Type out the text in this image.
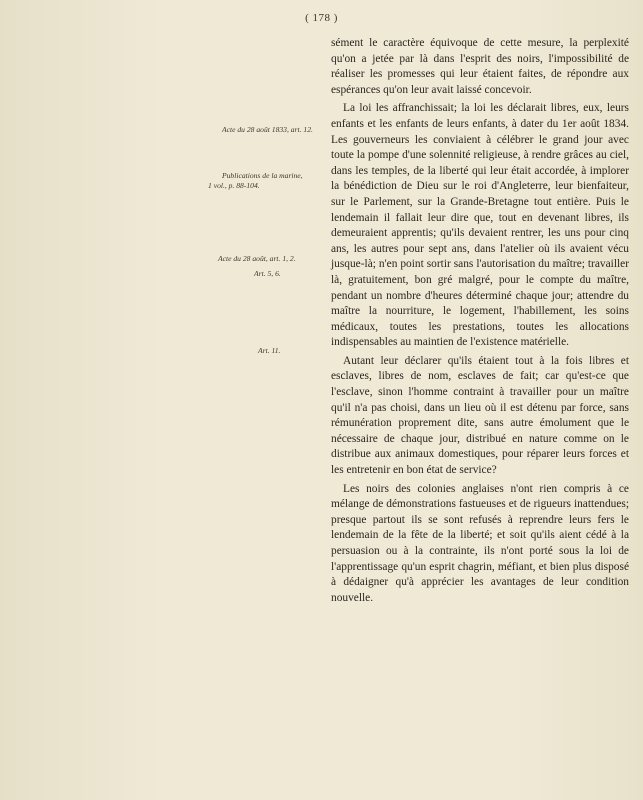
( 178 )
Acte du 28 août 1833, art. 12.
Publications de la marine,
1 vol., p. 88-104.
Acte du 28 août, art. 1, 2.
Art. 5, 6.
Art. 11.

sément le caractère équivoque de cette mesure, la perplexité qu'on a jetée par là dans l'esprit des noirs, l'impossibilité de réaliser les promesses qui leur étaient faites, de répondre aux espérances qu'on leur avait laissé concevoir.

La loi les affranchissait; la loi les déclarait libres, eux, leurs enfants et les enfants de leurs enfants, à dater du 1er août 1834. Les gouverneurs les conviaient à célébrer le grand jour avec toute la pompe d'une solennité religieuse, à rendre grâces au ciel, dans les temples, de la liberté qui leur était accordée, à implorer la bénédiction de Dieu sur le roi d'Angleterre, leur bienfaiteur, sur le Parlement, sur la Grande-Bretagne tout entière. Puis le lendemain il fallait leur dire que, tout en devenant libres, ils demeuraient apprentis; qu'ils devaient rentrer, les uns pour cinq ans, les autres pour sept ans, dans l'atelier où ils avaient vécu jusque-là; n'en point sortir sans l'autorisation du maître; travailler là, gratuitement, bon gré malgré, pour le compte du maître, pendant un nombre d'heures déterminé chaque jour; attendre du maître la nourriture, le logement, l'habillement, les soins médicaux, toutes les prestations, toutes les allocations indispensables au maintien de l'existence matérielle.

Autant leur déclarer qu'ils étaient tout à la fois libres et esclaves, libres de nom, esclaves de fait; car qu'est-ce que l'esclave, sinon l'homme contraint à travailler pour un maître qu'il n'a pas choisi, dans un lieu où il est détenu par force, sans rémunération proprement dite, sans autre émolument que le nécessaire de chaque jour, distribué en nature comme on le distribue aux animaux domestiques, pour réparer leurs forces et les entretenir en bon état de service?

Les noirs des colonies anglaises n'ont rien compris à ce mélange de démonstrations fastueuses et de rigueurs inattendues; presque partout ils se sont refusés à reprendre leurs fers le lendemain de la fête de la liberté; et soit qu'ils aient cédé à la persuasion ou à la contrainte, ils n'ont porté sous la loi de l'apprentissage qu'un esprit chagrin, méfiant, et bien plus disposé à dédaigner qu'à apprécier les avantages de leur condition nouvelle.
